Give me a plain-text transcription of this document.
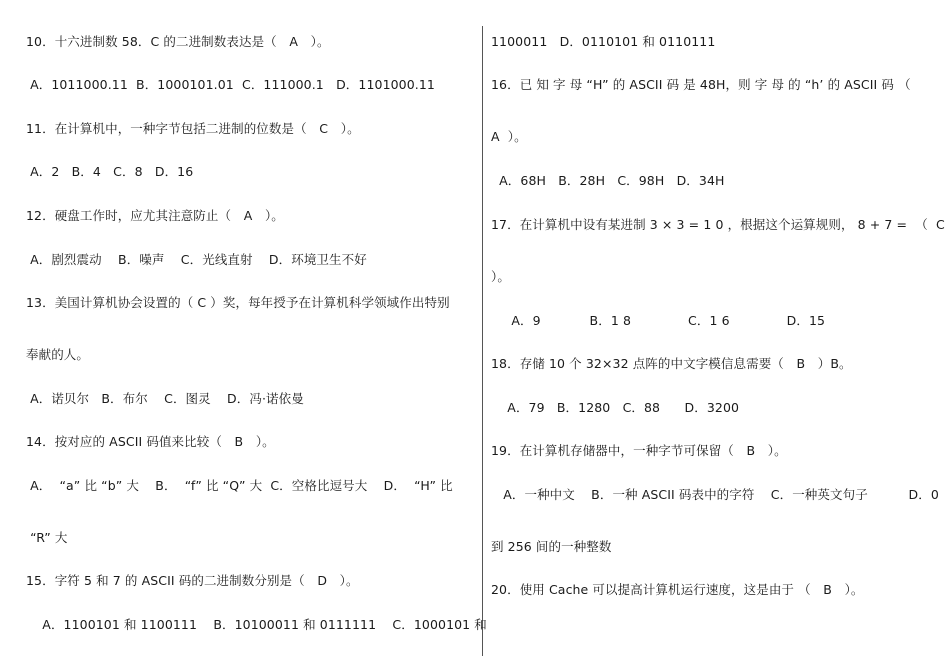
10．十六进制数 58．C 的二进制数表达是（　A　）。
A．1011000.11  B．1000101.01  C．111000.1   D．1101000.11
11．在计算机中，一种字节包括二进制的位数是（　C　）。
A．2   B．4   C．8   D．16
12．硬盘工作时，应尤其注意防止（　A　）。
A．剧烈震动    B．噪声    C．光线直射    D．环境卫生不好
13．美国计算机协会设置的（ C ）奖，每年授予在计算机科学领域作出特别
奉献的人。
A．诺贝尔   B．布尔    C．图灵    D．冯·诺依曼
14．按对应的 ASCII 码值来比较（　B　）。
A．  “a” 比 “b” 大    B．  “f” 比 “Q” 大  C．空格比逗号大    D．  “H” 比
“R” 大
15．字符 5 和 7 的 ASCII 码的二进制数分别是（　D　）。
A．1100101 和 1100111    B．10100011 和 0111111    C．1000101 和
1100011   D．0110101 和 0110111
16．已 知 字 母 “H” 的 ASCII 码 是 48H，则 字 母 的 “h’ 的 ASCII 码 （
A  ）。
A．68H   B．28H   C．98H   D．34H
17．在计算机中设有某进制 3 × 3 = 1 0 ，根据这个运算规则， 8 + 7 =  （  C
）。
A．9            B．1 8              C．1 6              D．15
18．存储 10 个 32×32 点阵的中文字模信息需要（　B　）B。
A．79   B．1280   C．88      D．3200
19．在计算机存储器中，一种字节可保留（　B　）。
A．一种中文    B．一种 ASCII 码表中的字符    C．一种英文句子          D．0
到 256 间的一种整数
20．使用 Cache 可以提高计算机运行速度，这是由于 （　B　）。
